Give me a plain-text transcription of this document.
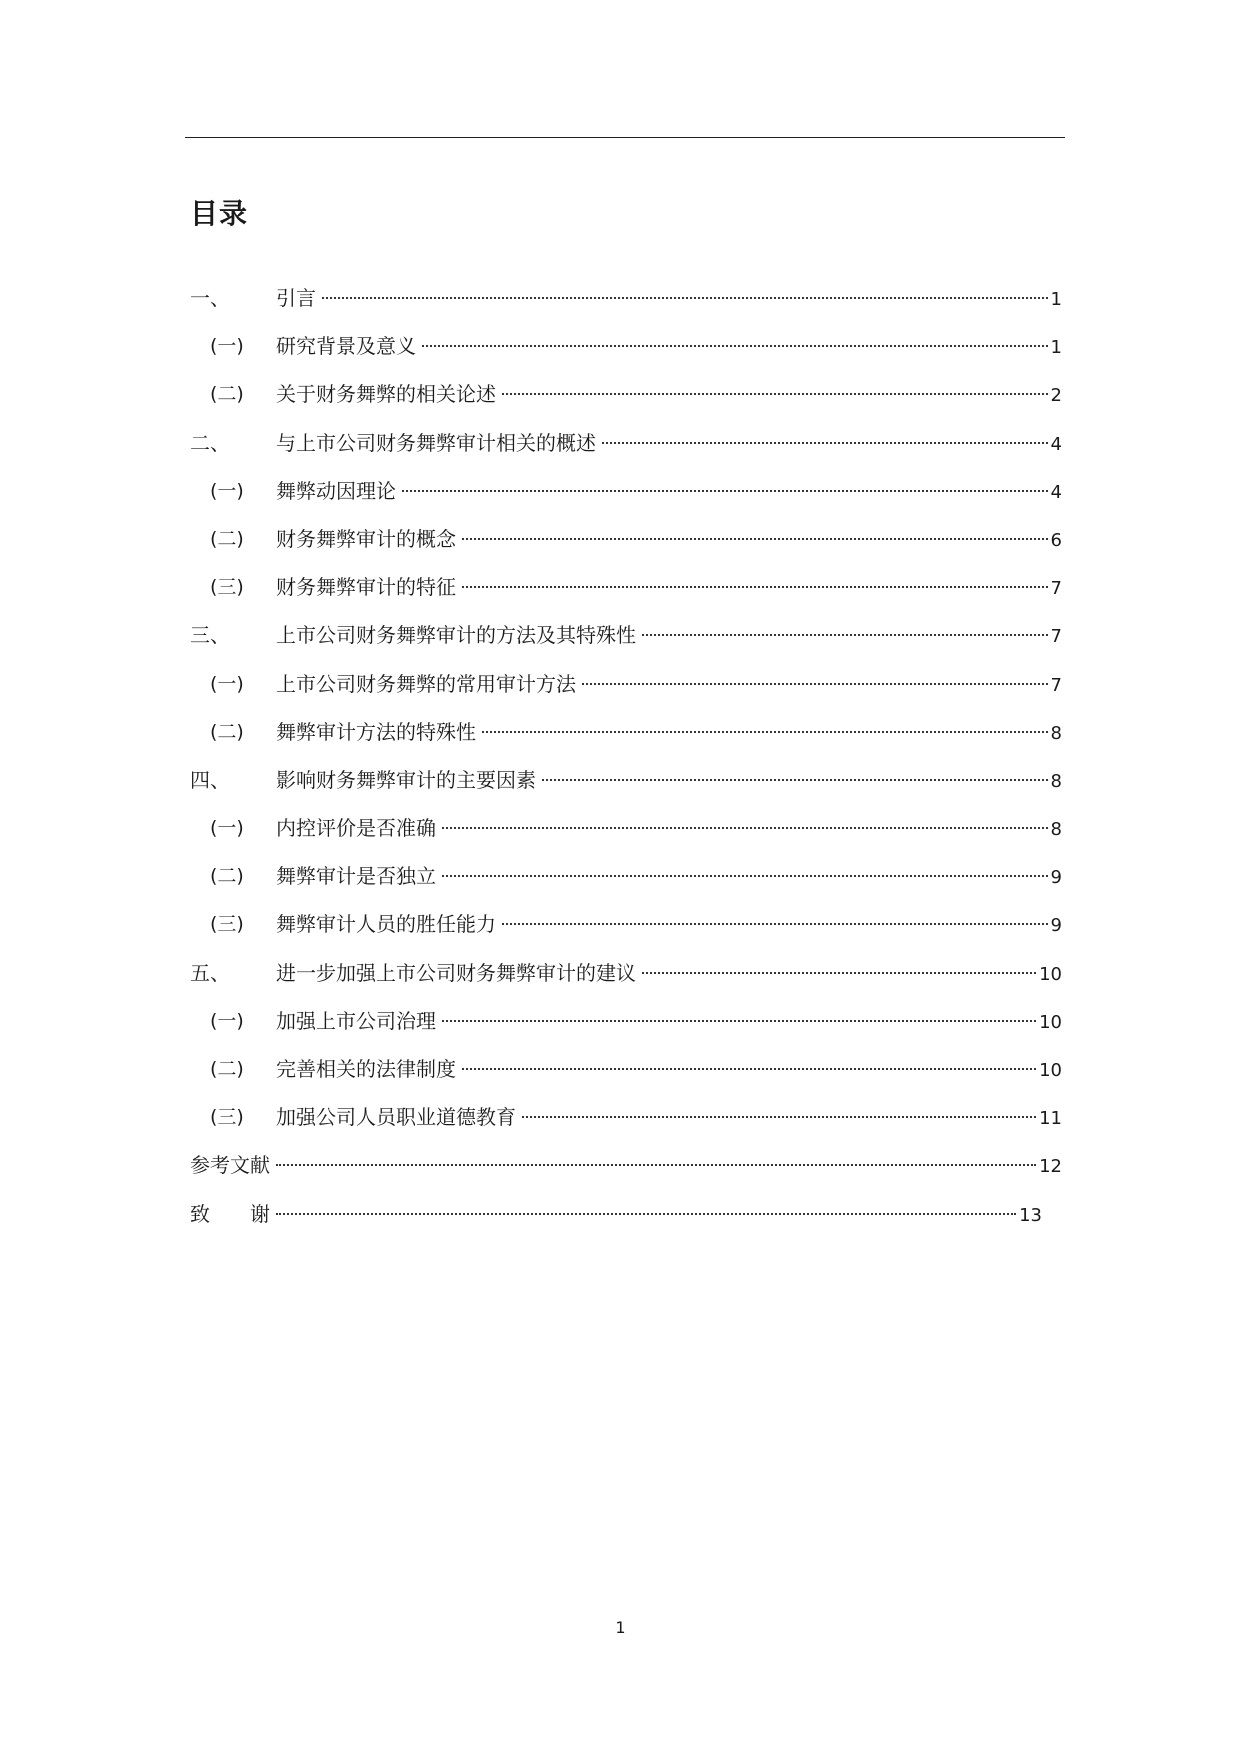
目录
一、 引言	1
(一) 研究背景及意义	1
(二) 关于财务舞弊的相关论述	2
二、 与上市公司财务舞弊审计相关的概述	4
(一) 舞弊动因理论	4
(二) 财务舞弊审计的概念	6
(三) 财务舞弊审计的特征	7
三、 上市公司财务舞弊审计的方法及其特殊性	7
(一) 上市公司财务舞弊的常用审计方法	7
(二) 舞弊审计方法的特殊性	8
四、 影响财务舞弊审计的主要因素	8
(一) 内控评价是否准确	8
(二) 舞弊审计是否独立	9
(三) 舞弊审计人员的胜任能力	9
五、 进一步加强上市公司财务舞弊审计的建议	10
(一) 加强上市公司治理	10
(二) 完善相关的法律制度	10
(三) 加强公司人员职业道德教育	11
参考文献	12
致　　谢	13
1
